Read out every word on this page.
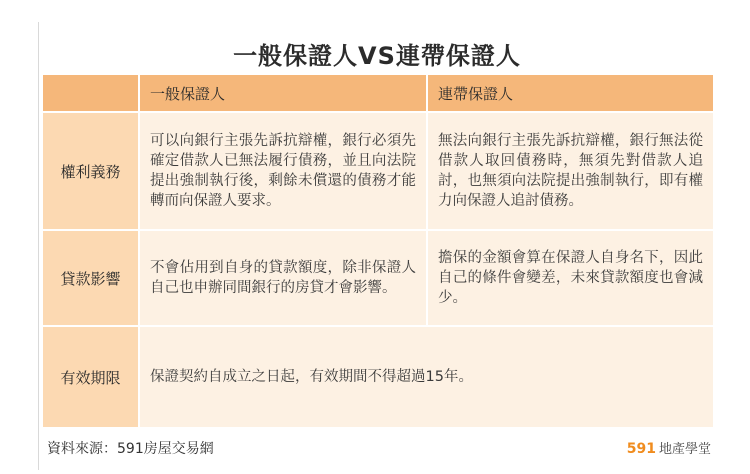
一般保證人VS連帶保證人
	一般保證人	連帶保證人
權利義務	可以向銀行主張先訴抗辯權，銀行必須先確定借款人已無法履行債務，並且向法院提出強制執行後，剩餘未償還的債務才能轉而向保證人要求。	無法向銀行主張先訴抗辯權，銀行無法從借款人取回債務時，無須先對借款人追討，也無須向法院提出強制執行，即有權力向保證人追討債務。
貸款影響	不會佔用到自身的貸款額度，除非保證人自己也申辦同間銀行的房貸才會影響。	擔保的金額會算在保證人自身名下，因此自己的條件會變差，未來貸款額度也會減少。
有效期限	保證契約自成立之日起，有效期間不得超過15年。	
資料來源：591房屋交易網	591 地產學堂
